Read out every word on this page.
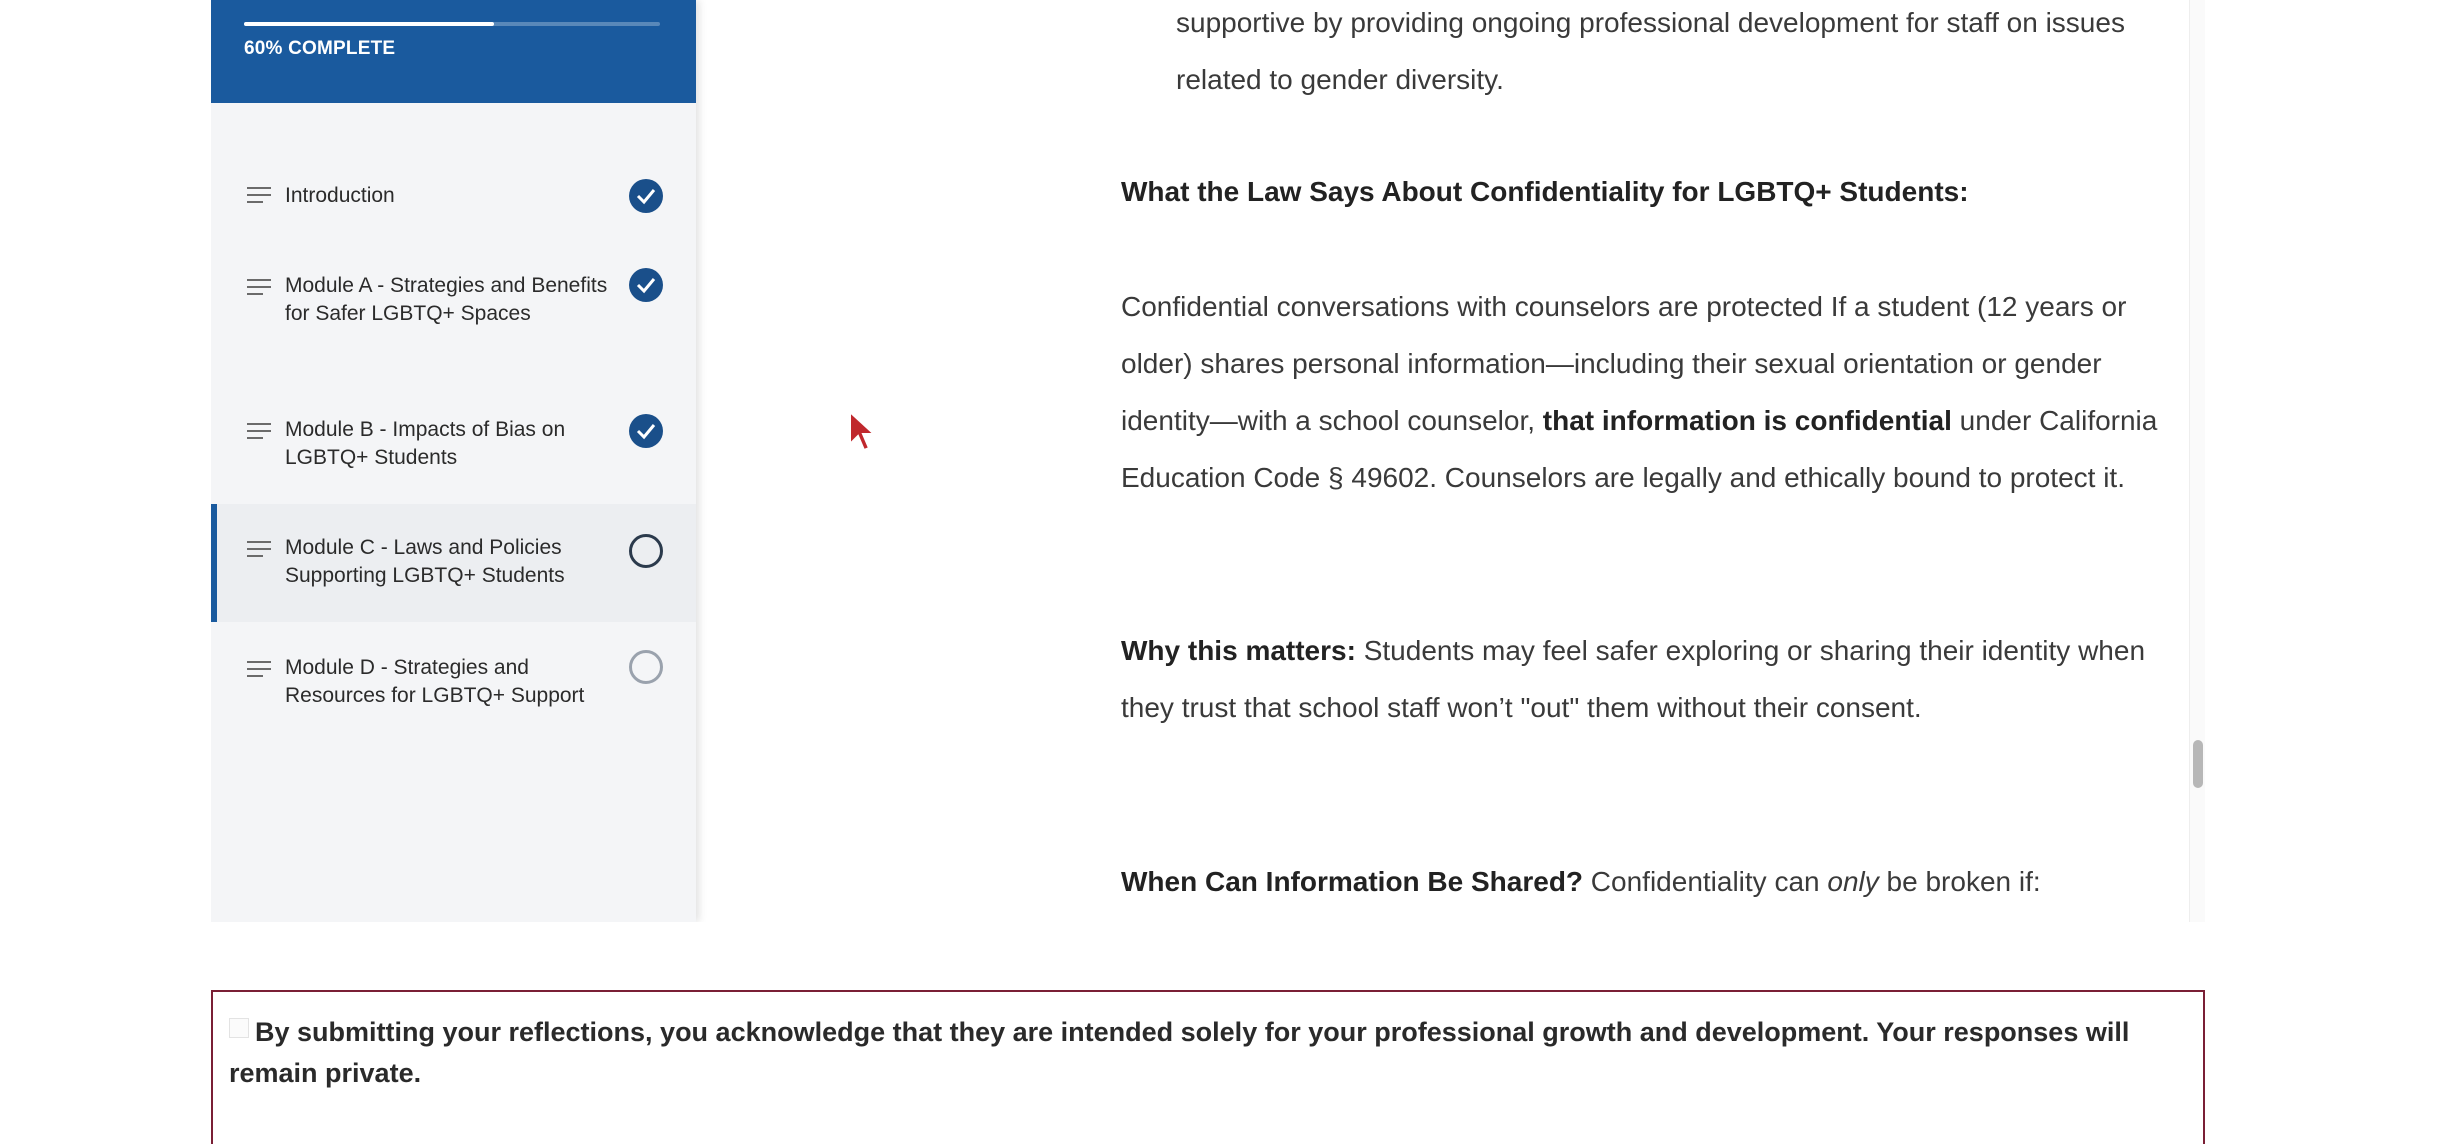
60% COMPLETE
Introduction
Module A - Strategies and Benefits for Safer LGBTQ+ Spaces
Module B - Impacts of Bias on LGBTQ+ Students
Module C - Laws and Policies Supporting LGBTQ+ Students
Module D - Strategies and Resources for LGBTQ+ Support
supportive by providing ongoing professional development for staff on issues related to gender diversity.
What the Law Says About Confidentiality for LGBTQ+ Students:
Confidential conversations with counselors are protected If a student (12 years or older) shares personal information—including their sexual orientation or gender identity—with a school counselor, that information is confidential under California Education Code § 49602. Counselors are legally and ethically bound to protect it.
Why this matters: Students may feel safer exploring or sharing their identity when they trust that school staff won’t "out" them without their consent.
When Can Information Be Shared? Confidentiality can only be broken if:
By submitting your reflections, you acknowledge that they are intended solely for your professional growth and development. Your responses will remain private.
